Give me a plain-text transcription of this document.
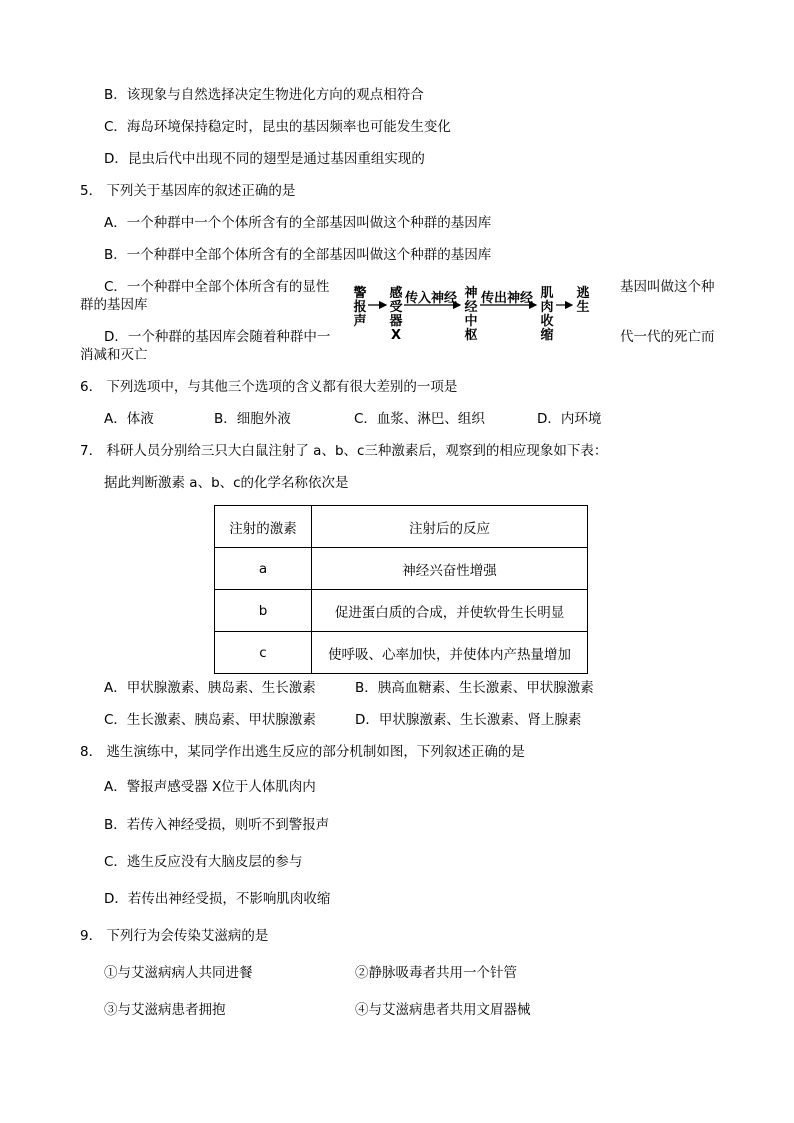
B．该现象与自然选择决定生物进化方向的观点相符合
C．海岛环境保持稳定时，昆虫的基因频率也可能发生变化
D．昆虫后代中出现不同的翅型是通过基因重组实现的
5． 下列关于基因库的叙述正确的是
A．一个种群中一个个体所含有的全部基因叫做这个种群的基因库
B．一个种群中全部个体所含有的全部基因叫做这个种群的基因库
C．一个种群中全部个体所含有的显性	基因叫做这个种
群的基因库
D．一个种群的基因库会随着种群中一	代一代的死亡而
消减和灭亡
警报声
感受器X
传入神经 神经中枢
传出神经 肌肉收缩
逃生
6． 下列选项中，与其他三个选项的含义都有很大差别的一项是
A．体液	B．细胞外液	C．血浆、淋巴、组织	D．内环境
7． 科研人员分别给三只大白鼠注射了 a、b、c三种激素后，观察到的相应现象如下表：
据此判断激素 a、b、c的化学名称依次是
注射的激素	注射后的反应
a	神经兴奋性增强
b	促进蛋白质的合成，并使软骨生长明显
c	使呼吸、心率加快，并使体内产热量增加
A．甲状腺激素、胰岛素、生长激素	B．胰高血糖素、生长激素、甲状腺激素
C．生长激素、胰岛素、甲状腺激素	D．甲状腺激素、生长激素、肾上腺素
8． 逃生演练中，某同学作出逃生反应的部分机制如图，下列叙述正确的是
A．警报声感受器 X位于人体肌肉内
B．若传入神经受损，则听不到警报声
C．逃生反应没有大脑皮层的参与
D．若传出神经受损，不影响肌肉收缩
9． 下列行为会传染艾滋病的是
①与艾滋病病人共同进餐	②静脉吸毒者共用一个针管
③与艾滋病患者拥抱	④与艾滋病患者共用文眉器械
